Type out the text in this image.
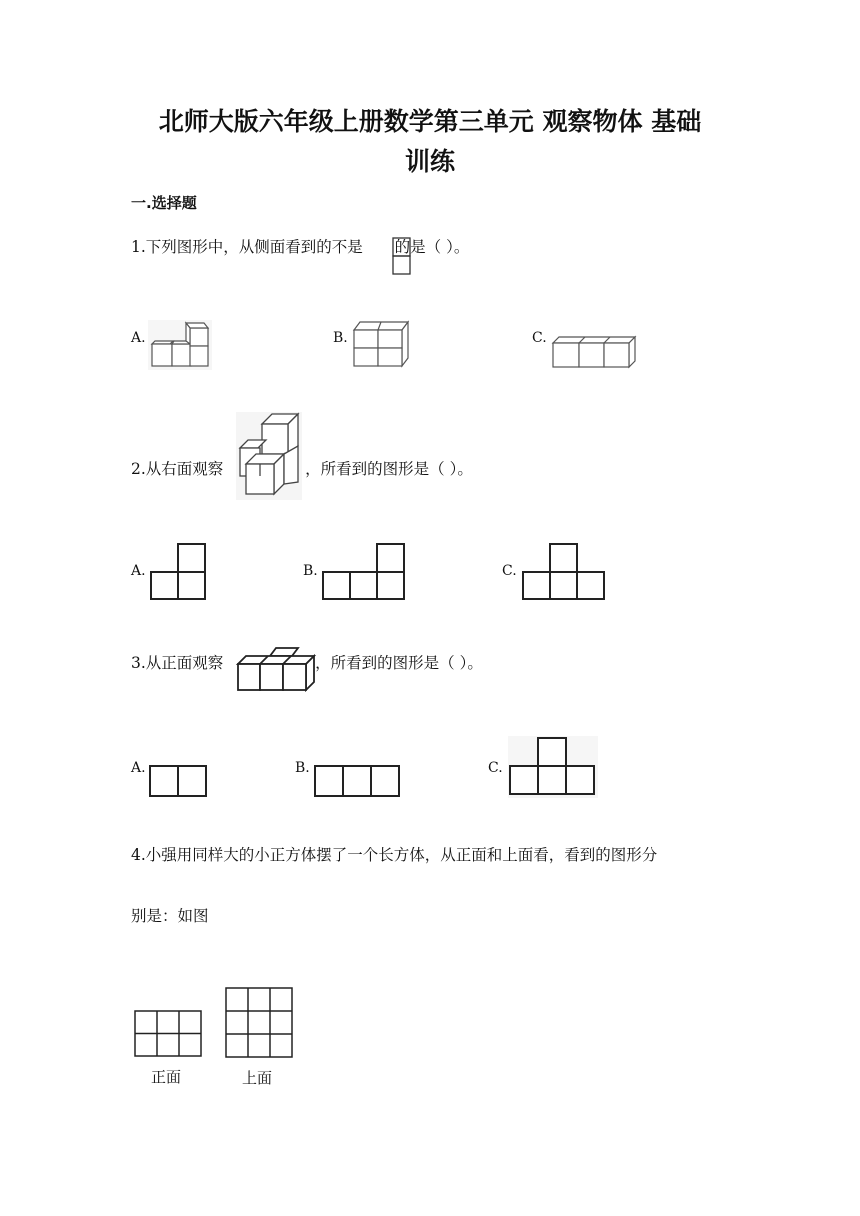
北师大版六年级上册数学第三单元 观察物体 基础
训练
一.选择题
1.下列图形中，从侧面看到的不是 的是（ ）。
A.	B.	C.
2.从右面观察	，所看到的图形是（ ）。
A.	B.	C.
3.从正面观察	，所看到的图形是（ ）。
A.	B.	C.
4.小强用同样大的小正方体摆了一个长方体，从正面和上面看，看到的图形分
别是：如图
正面	上面
